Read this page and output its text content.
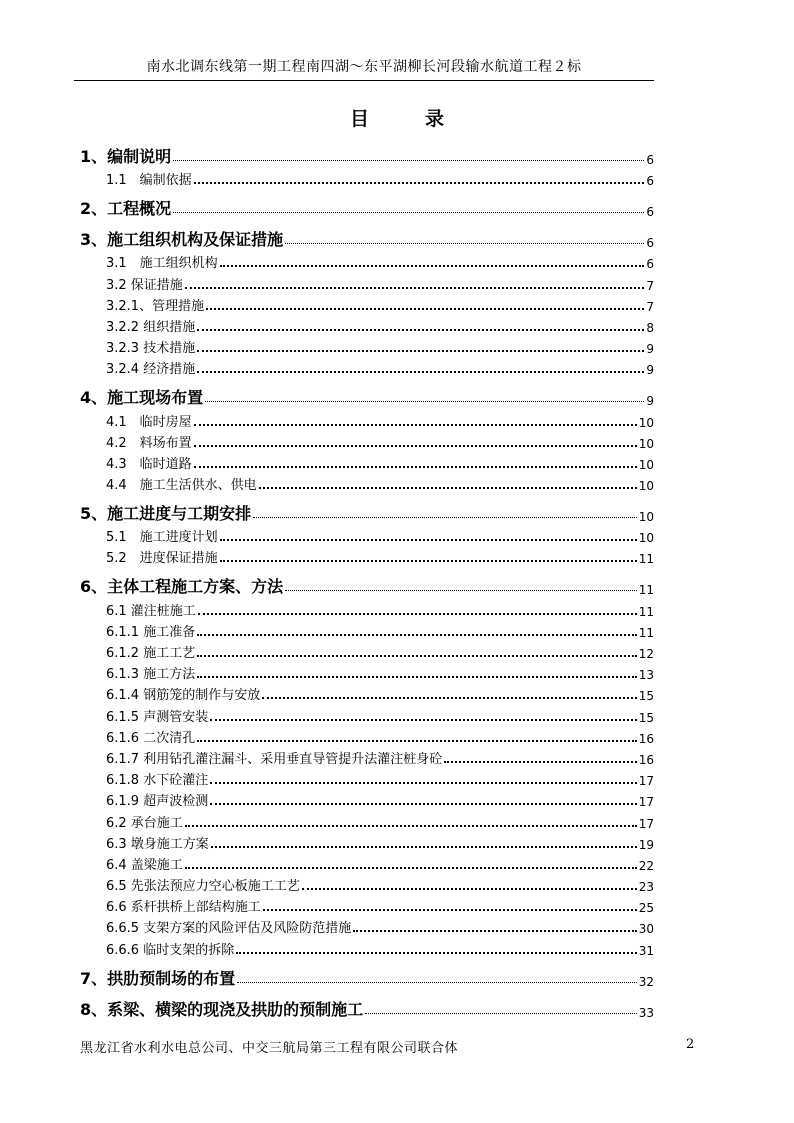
南水北调东线第一期工程南四湖～东平湖柳长河段输水航道工程２标
目	录
1、编制说明	6
1.1　编制依据	6
2、工程概况	6
3、施工组织机构及保证措施	6
3.1　施工组织机构	6
3.2 保证措施	7
3.2.1、管理措施	7
3.2.2 组织措施	8
3.2.3 技术措施	9
3.2.4 经济措施	9
4、施工现场布置	9
4.1　临时房屋	10
4.2　料场布置	10
4.3　临时道路	10
4.4　施工生活供水、供电	10
5、施工进度与工期安排	10
5.1　施工进度计划	10
5.2　进度保证措施	11
6、主体工程施工方案、方法	11
6.1 灌注桩施工	11
6.1.1 施工准备	11
6.1.2 施工工艺	12
6.1.3 施工方法	13
6.1.4 钢筋笼的制作与安放	15
6.1.5 声测管安装	15
6.1.6 二次清孔	16
6.1.7 利用钻孔灌注漏斗、采用垂直导管提升法灌注桩身砼	16
6.1.8 水下砼灌注	17
6.1.9 超声波检测	17
6.2 承台施工	17
6.3 墩身施工方案	19
6.4 盖梁施工	22
6.5 先张法预应力空心板施工工艺	23
6.6 系杆拱桥上部结构施工	25
6.6.5 支架方案的风险评估及风险防范措施	30
6.6.6 临时支架的拆除	31
7、拱肋预制场的布置	32
8、系梁、横梁的现浇及拱肋的预制施工	33
黑龙江省水利水电总公司、中交三航局第三工程有限公司联合体	2
